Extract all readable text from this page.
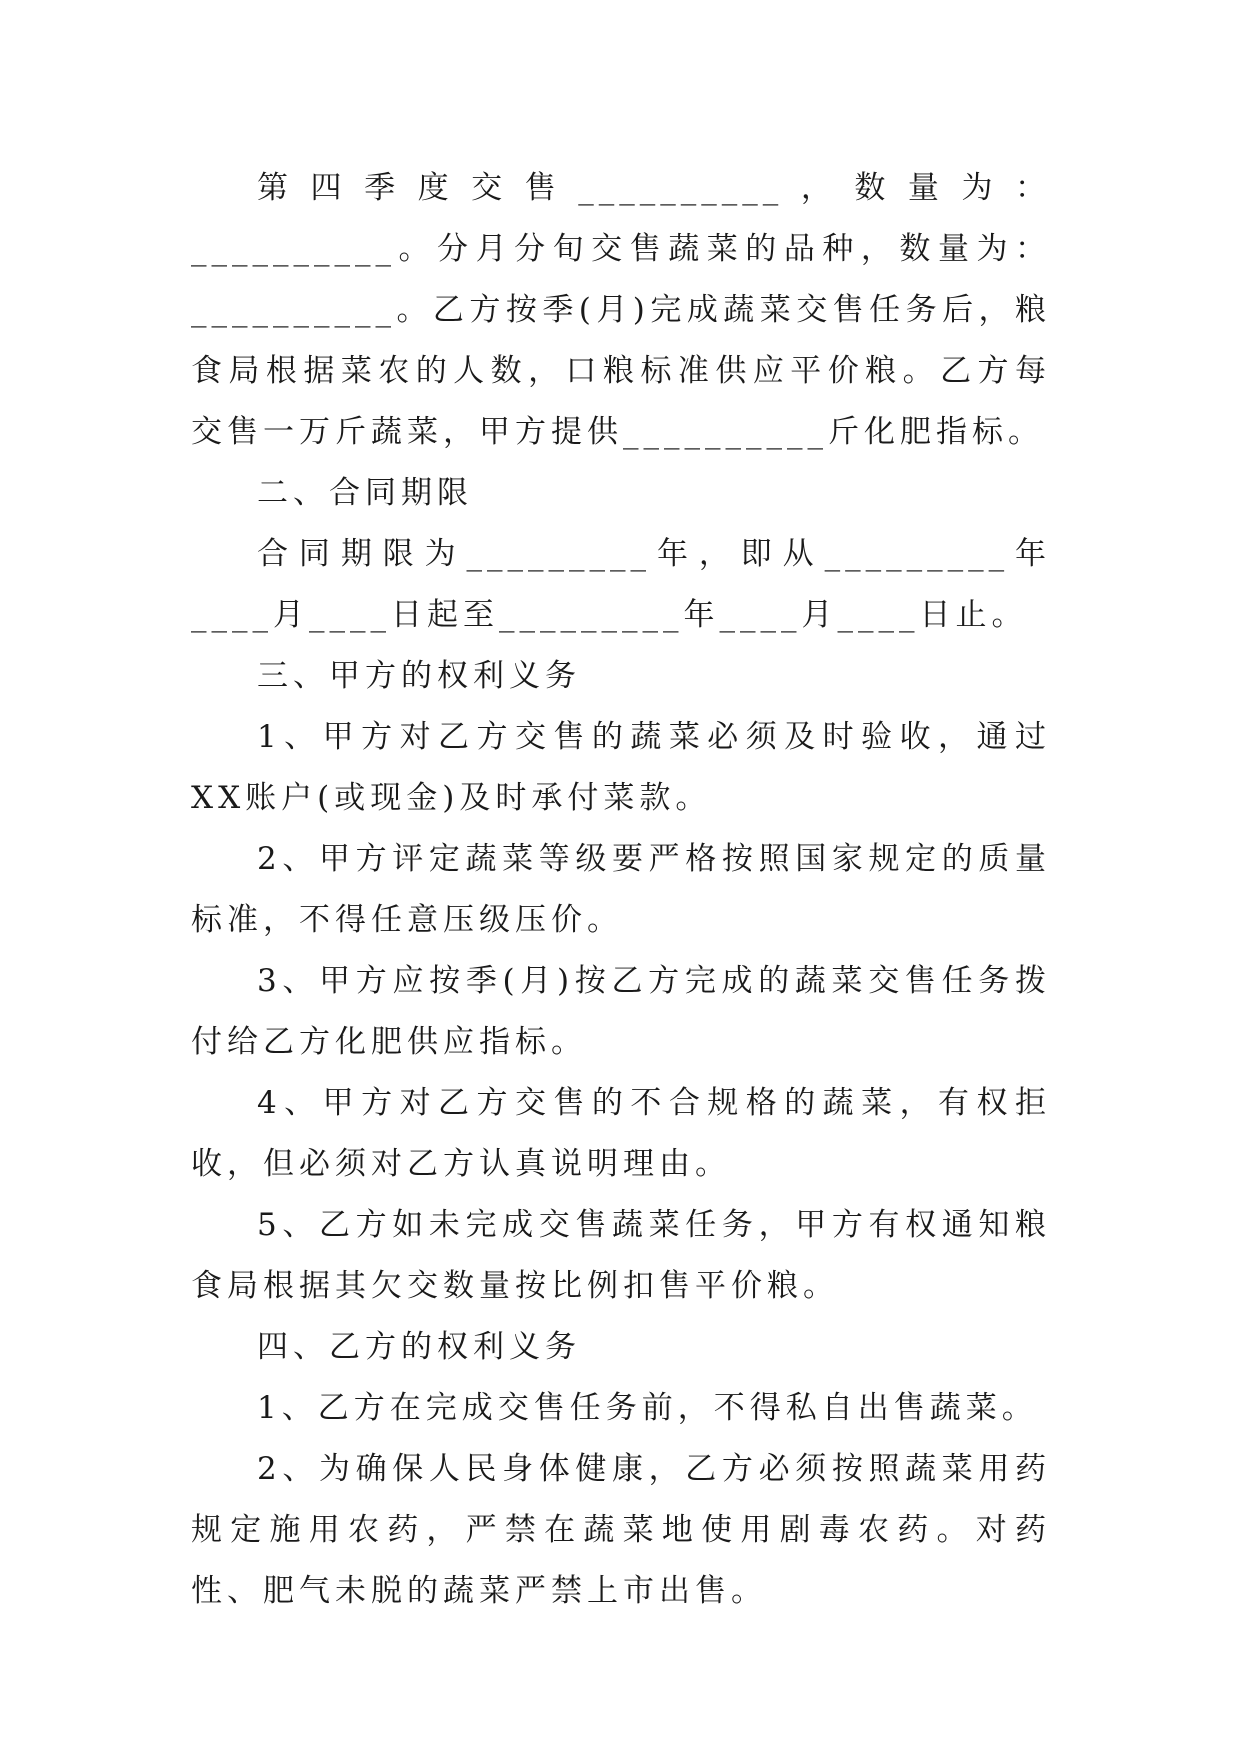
第四季度交售__________，数量为：__________。分月分旬交售蔬菜的品种，数量为：__________。乙方按季(月)完成蔬菜交售任务后，粮食局根据菜农的人数，口粮标准供应平价粮。乙方每交售一万斤蔬菜，甲方提供__________斤化肥指标。

二、合同期限

合同期限为_________年，即从_________年____月____日起至_________年____月____日止。

三、甲方的权利义务

1、甲方对乙方交售的蔬菜必须及时验收，通过XX账户(或现金)及时承付菜款。

2、甲方评定蔬菜等级要严格按照国家规定的质量标准，不得任意压级压价。

3、甲方应按季(月)按乙方完成的蔬菜交售任务拨付给乙方化肥供应指标。

4、甲方对乙方交售的不合规格的蔬菜，有权拒收，但必须对乙方认真说明理由。

5、乙方如未完成交售蔬菜任务，甲方有权通知粮食局根据其欠交数量按比例扣售平价粮。

四、乙方的权利义务

1、乙方在完成交售任务前，不得私自出售蔬菜。

2、为确保人民身体健康，乙方必须按照蔬菜用药规定施用农药，严禁在蔬菜地使用剧毒农药。对药性、肥气未脱的蔬菜严禁上市出售。
